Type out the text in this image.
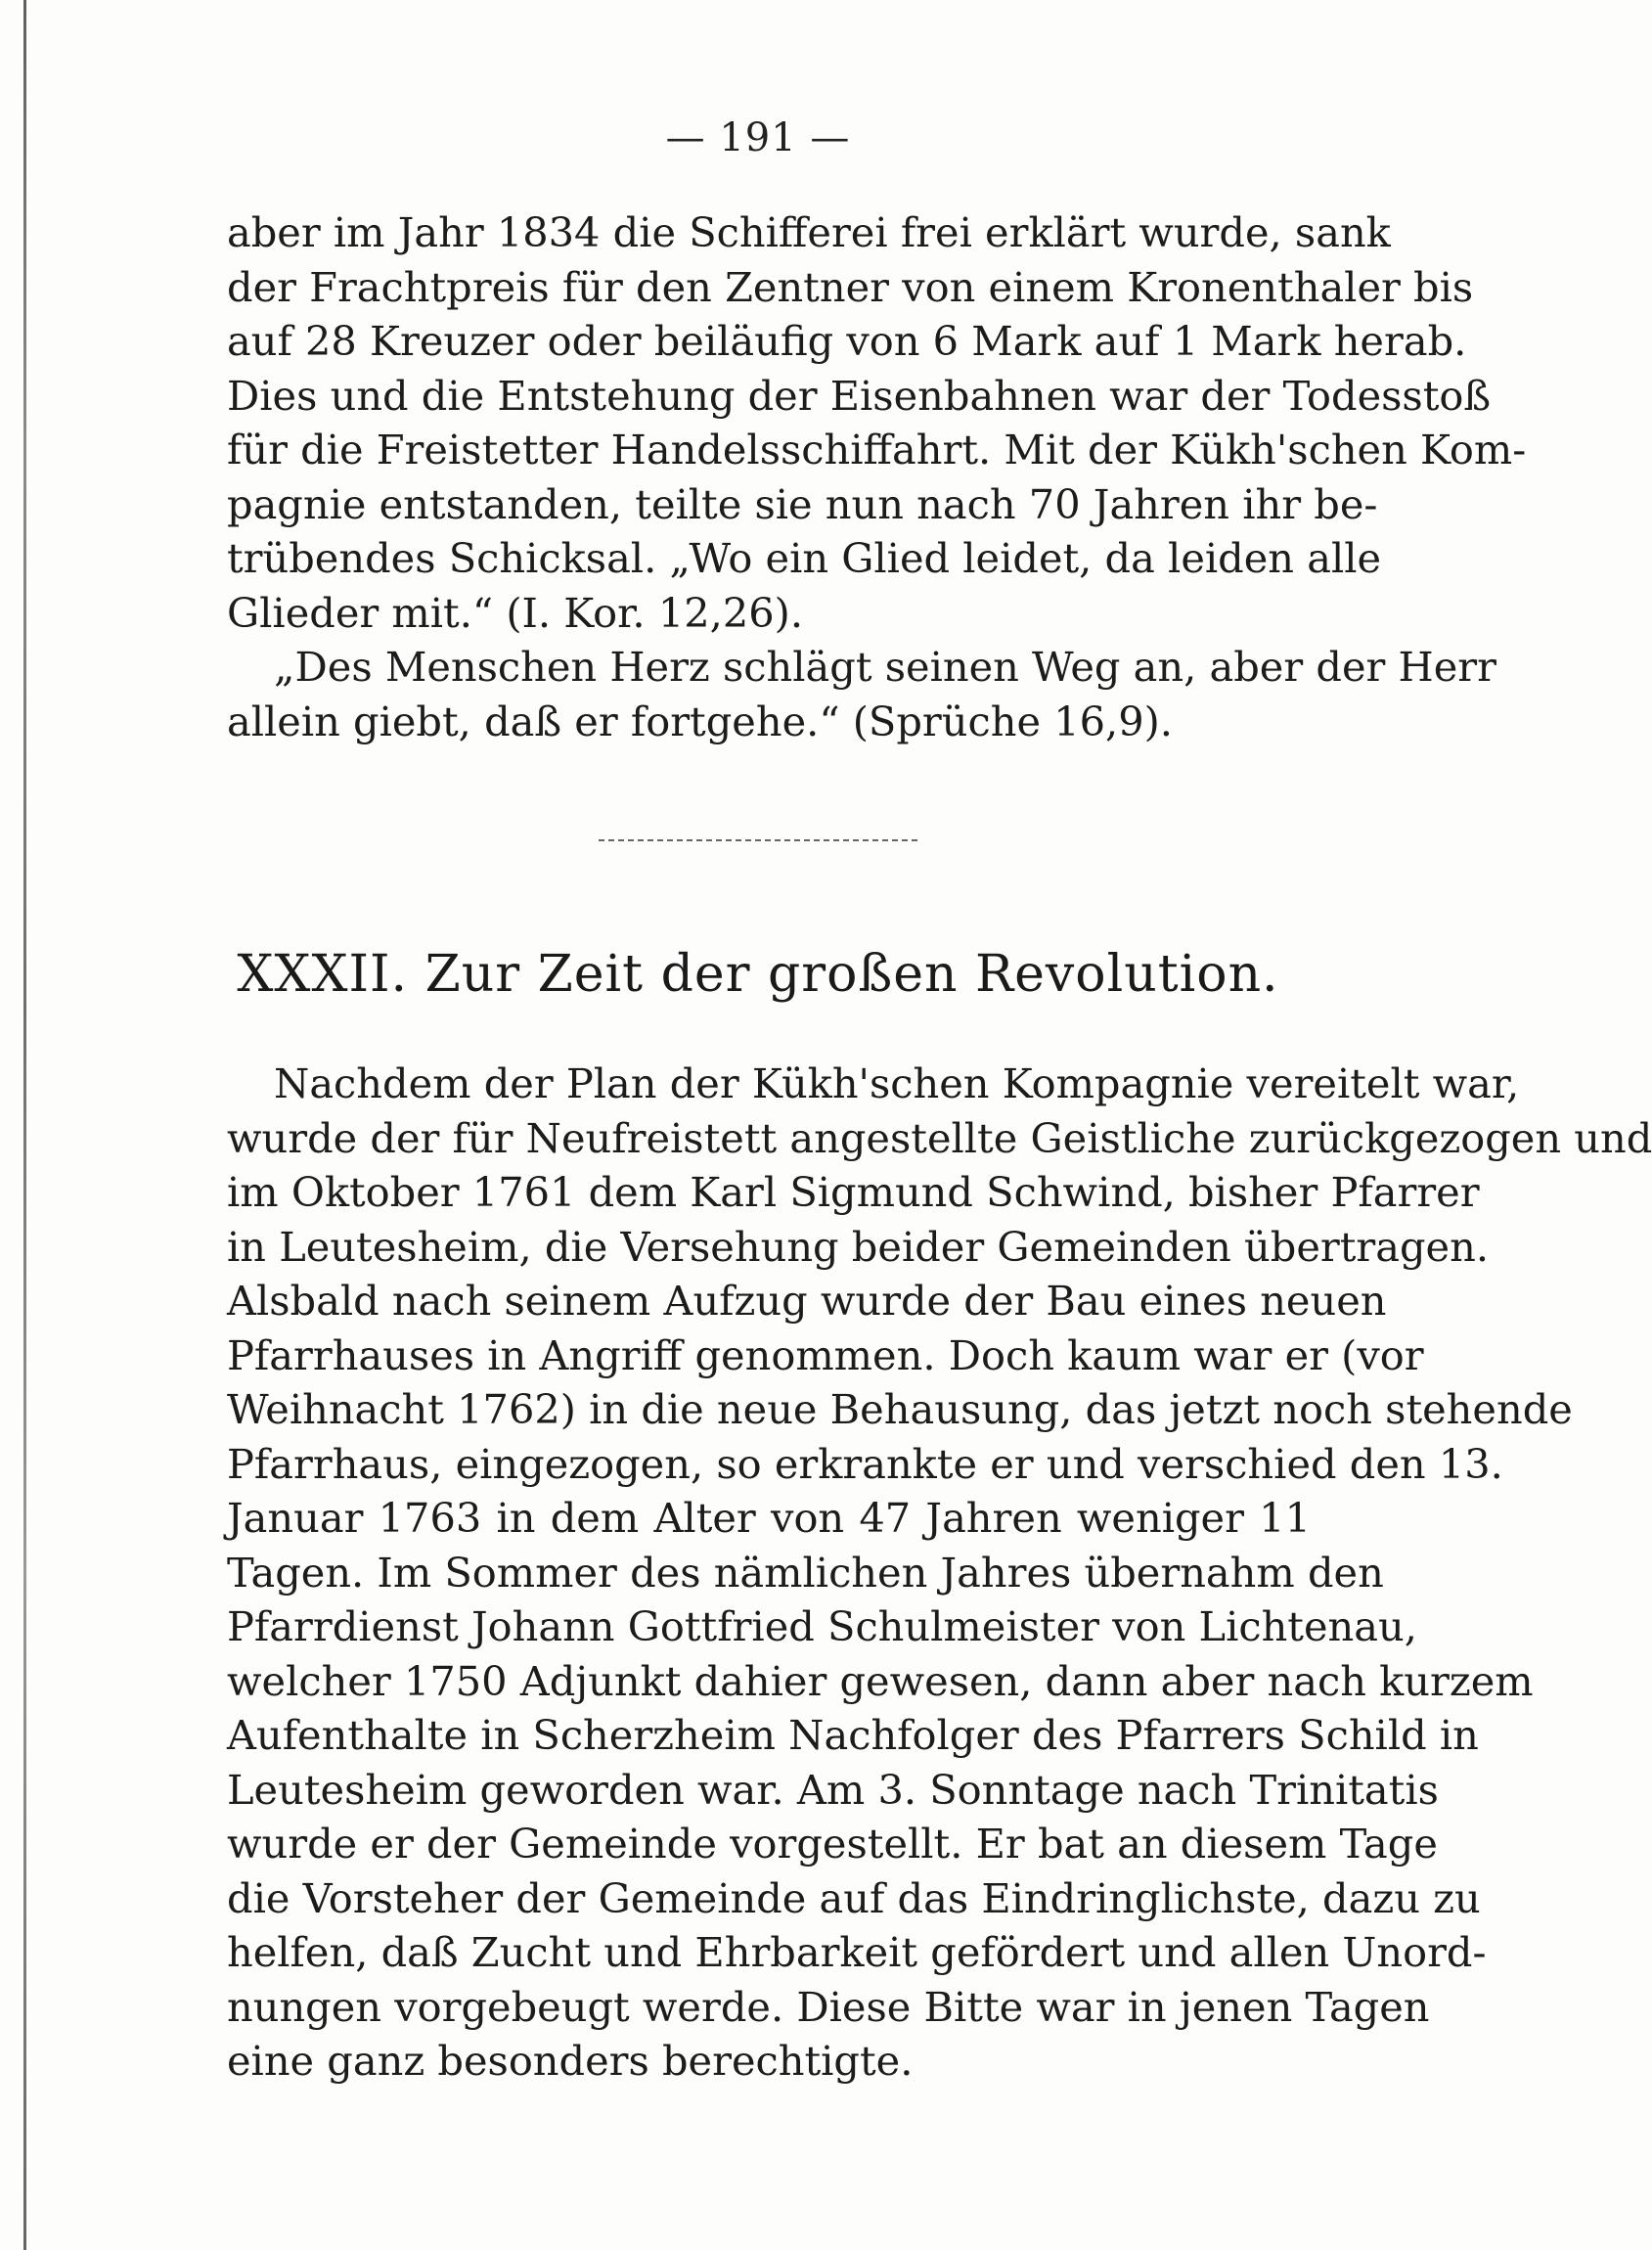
— 191 —
aber im Jahr 1834 die Schifferei frei erklärt wurde, sank
der Frachtpreis für den Zentner von einem Kronenthaler bis
auf 28 Kreuzer oder beiläufig von 6 Mark auf 1 Mark herab.
Dies und die Entstehung der Eisenbahnen war der Todesstoß
für die Freistetter Handelsschiffahrt. Mit der Kükh'schen Kom-
pagnie entstanden, teilte sie nun nach 70 Jahren ihr be-
trübendes Schicksal. „Wo ein Glied leidet, da leiden alle
Glieder mit.“ (I. Kor. 12,26).
„Des Menschen Herz schlägt seinen Weg an, aber der Herr
allein giebt, daß er fortgehe.“ (Sprüche 16,9).
XXXII. Zur Zeit der großen Revolution.
Nachdem der Plan der Kükh'schen Kompagnie vereitelt war,
wurde der für Neufreistett angestellte Geistliche zurückgezogen und
im Oktober 1761 dem Karl Sigmund Schwind, bisher Pfarrer
in Leutesheim, die Versehung beider Gemeinden übertragen.
Alsbald nach seinem Aufzug wurde der Bau eines neuen
Pfarrhauses in Angriff genommen. Doch kaum war er (vor
Weihnacht 1762) in die neue Behausung, das jetzt noch stehende
Pfarrhaus, eingezogen, so erkrankte er und verschied den 13.
Januar 1763 in dem Alter von 47 Jahren weniger 11
Tagen. Im Sommer des nämlichen Jahres übernahm den
Pfarrdienst Johann Gottfried Schulmeister von Lichtenau,
welcher 1750 Adjunkt dahier gewesen, dann aber nach kurzem
Aufenthalte in Scherzheim Nachfolger des Pfarrers Schild in
Leutesheim geworden war. Am 3. Sonntage nach Trinitatis
wurde er der Gemeinde vorgestellt. Er bat an diesem Tage
die Vorsteher der Gemeinde auf das Eindringlichste, dazu zu
helfen, daß Zucht und Ehrbarkeit gefördert und allen Unord-
nungen vorgebeugt werde. Diese Bitte war in jenen Tagen
eine ganz besonders berechtigte.
